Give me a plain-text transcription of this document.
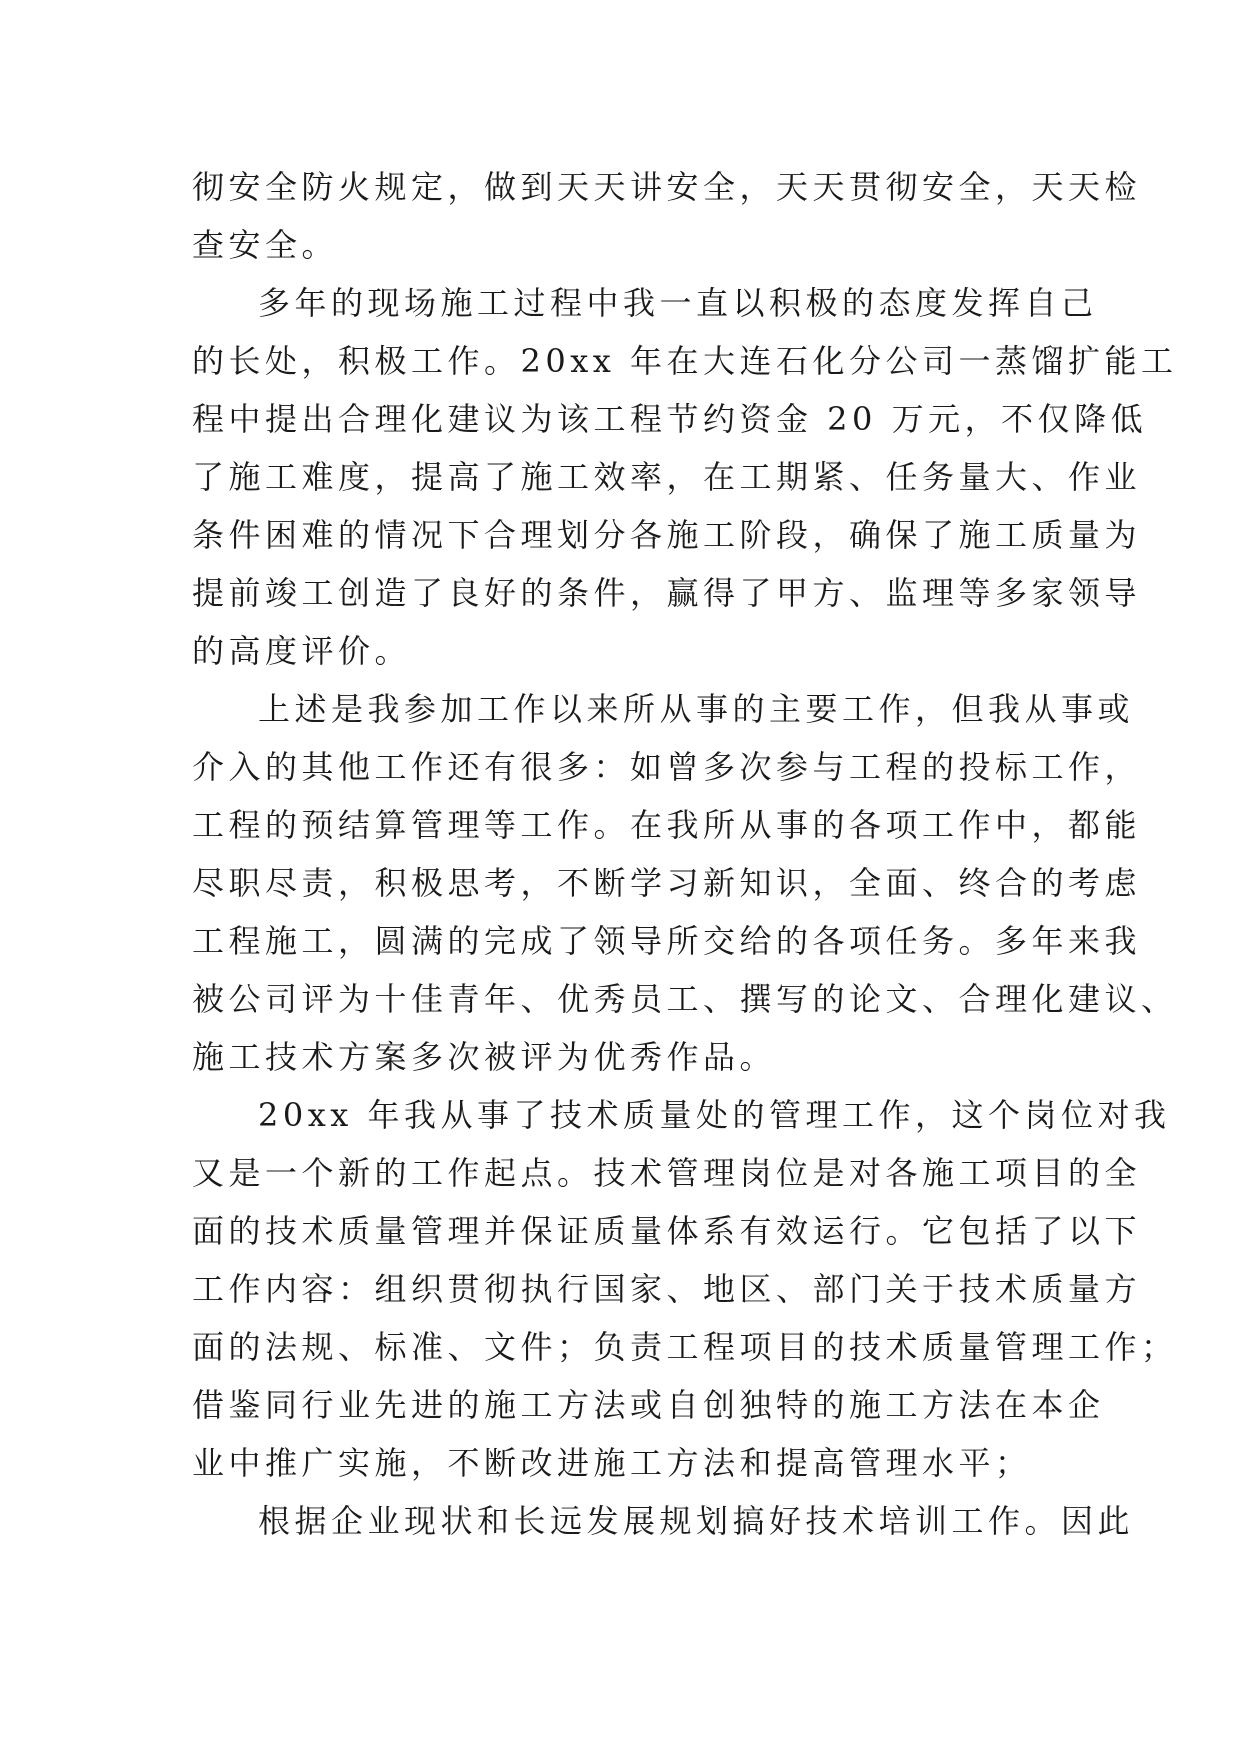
彻安全防火规定，做到天天讲安全，天天贯彻安全，天天检
查安全。
多年的现场施工过程中我一直以积极的态度发挥自己
的长处，积极工作。20xx 年在大连石化分公司一蒸馏扩能工
程中提出合理化建议为该工程节约资金 20 万元，不仅降低
了施工难度，提高了施工效率，在工期紧、任务量大、作业
条件困难的情况下合理划分各施工阶段，确保了施工质量为
提前竣工创造了良好的条件，赢得了甲方、监理等多家领导
的高度评价。
上述是我参加工作以来所从事的主要工作，但我从事或
介入的其他工作还有很多：如曾多次参与工程的投标工作，
工程的预结算管理等工作。在我所从事的各项工作中，都能
尽职尽责，积极思考，不断学习新知识，全面、终合的考虑
工程施工，圆满的完成了领导所交给的各项任务。多年来我
被公司评为十佳青年、优秀员工、撰写的论文、合理化建议、
施工技术方案多次被评为优秀作品。
20xx 年我从事了技术质量处的管理工作，这个岗位对我
又是一个新的工作起点。技术管理岗位是对各施工项目的全
面的技术质量管理并保证质量体系有效运行。它包括了以下
工作内容：组织贯彻执行国家、地区、部门关于技术质量方
面的法规、标准、文件；负责工程项目的技术质量管理工作；
借鉴同行业先进的施工方法或自创独特的施工方法在本企
业中推广实施，不断改进施工方法和提高管理水平；
根据企业现状和长远发展规划搞好技术培训工作。因此
